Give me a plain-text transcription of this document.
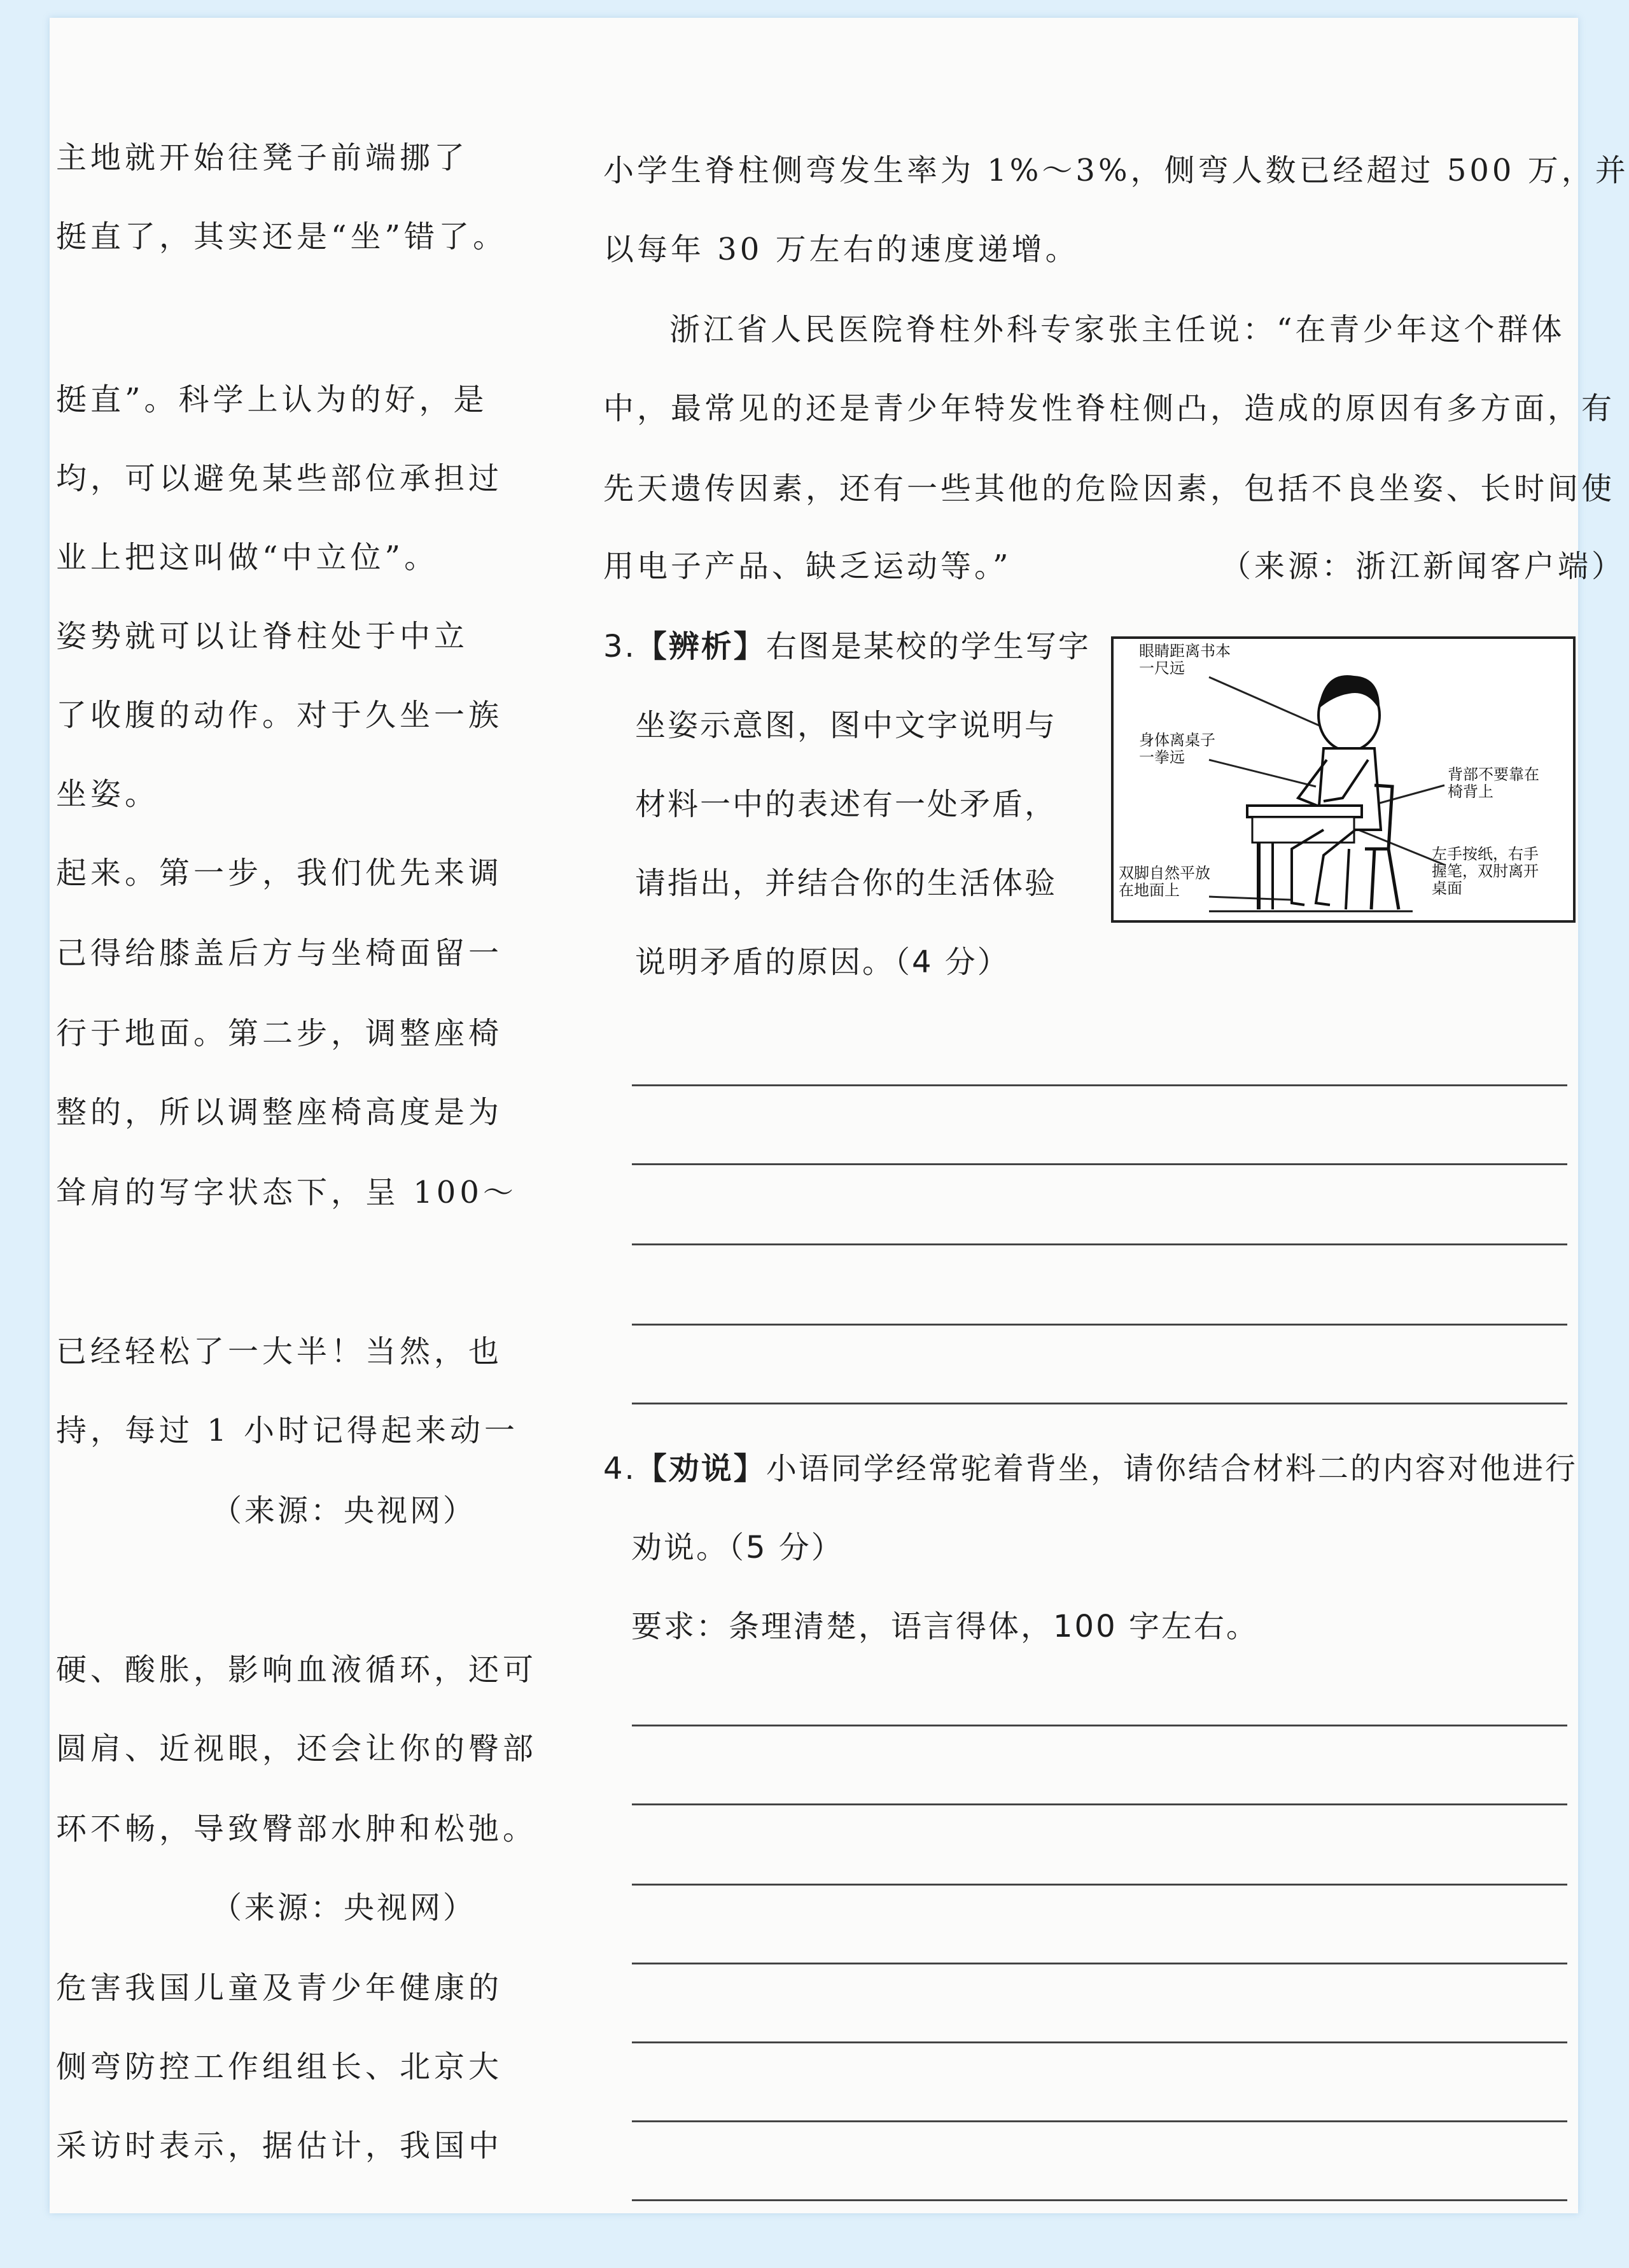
主地就开始往凳子前端挪了
挺直了，其实还是“坐”错了。
挺直”。科学上认为的好，是
均，可以避免某些部位承担过
业上把这叫做“中立位”。
姿势就可以让脊柱处于中立
了收腹的动作。对于久坐一族
坐姿。
起来。第一步，我们优先来调
己得给膝盖后方与坐椅面留一
行于地面。第二步，调整座椅
整的，所以调整座椅高度是为
耸肩的写字状态下，呈 100～
已经轻松了一大半！当然，也
持，每过 1 小时记得起来动一
（来源：央视网）
硬、酸胀，影响血液循环，还可
圆肩、近视眼，还会让你的臀部
环不畅，导致臀部水肿和松弛。
（来源：央视网）
危害我国儿童及青少年健康的
侧弯防控工作组组长、北京大
采访时表示，据估计，我国中
小学生脊柱侧弯发生率为 1%～3%，侧弯人数已经超过 500 万，并
以每年 30 万左右的速度递增。
浙江省人民医院脊柱外科专家张主任说：“在青少年这个群体
中，最常见的还是青少年特发性脊柱侧凸，造成的原因有多方面，有
先天遗传因素，还有一些其他的危险因素，包括不良坐姿、长时间使
用电子产品、缺乏运动等。”	（来源：浙江新闻客户端）
3.【辨析】右图是某校的学生写字
坐姿示意图，图中文字说明与
材料一中的表述有一处矛盾，
请指出，并结合你的生活体验
说明矛盾的原因。（4 分）
眼睛距离书本
一尺远
身体离桌子
一拳远
背部不要靠在
椅背上
左手按纸，右手
握笔，双肘离开
桌面
双脚自然平放
在地面上
4.【劝说】小语同学经常驼着背坐，请你结合材料二的内容对他进行
劝说。（5 分）
要求：条理清楚，语言得体，100 字左右。
